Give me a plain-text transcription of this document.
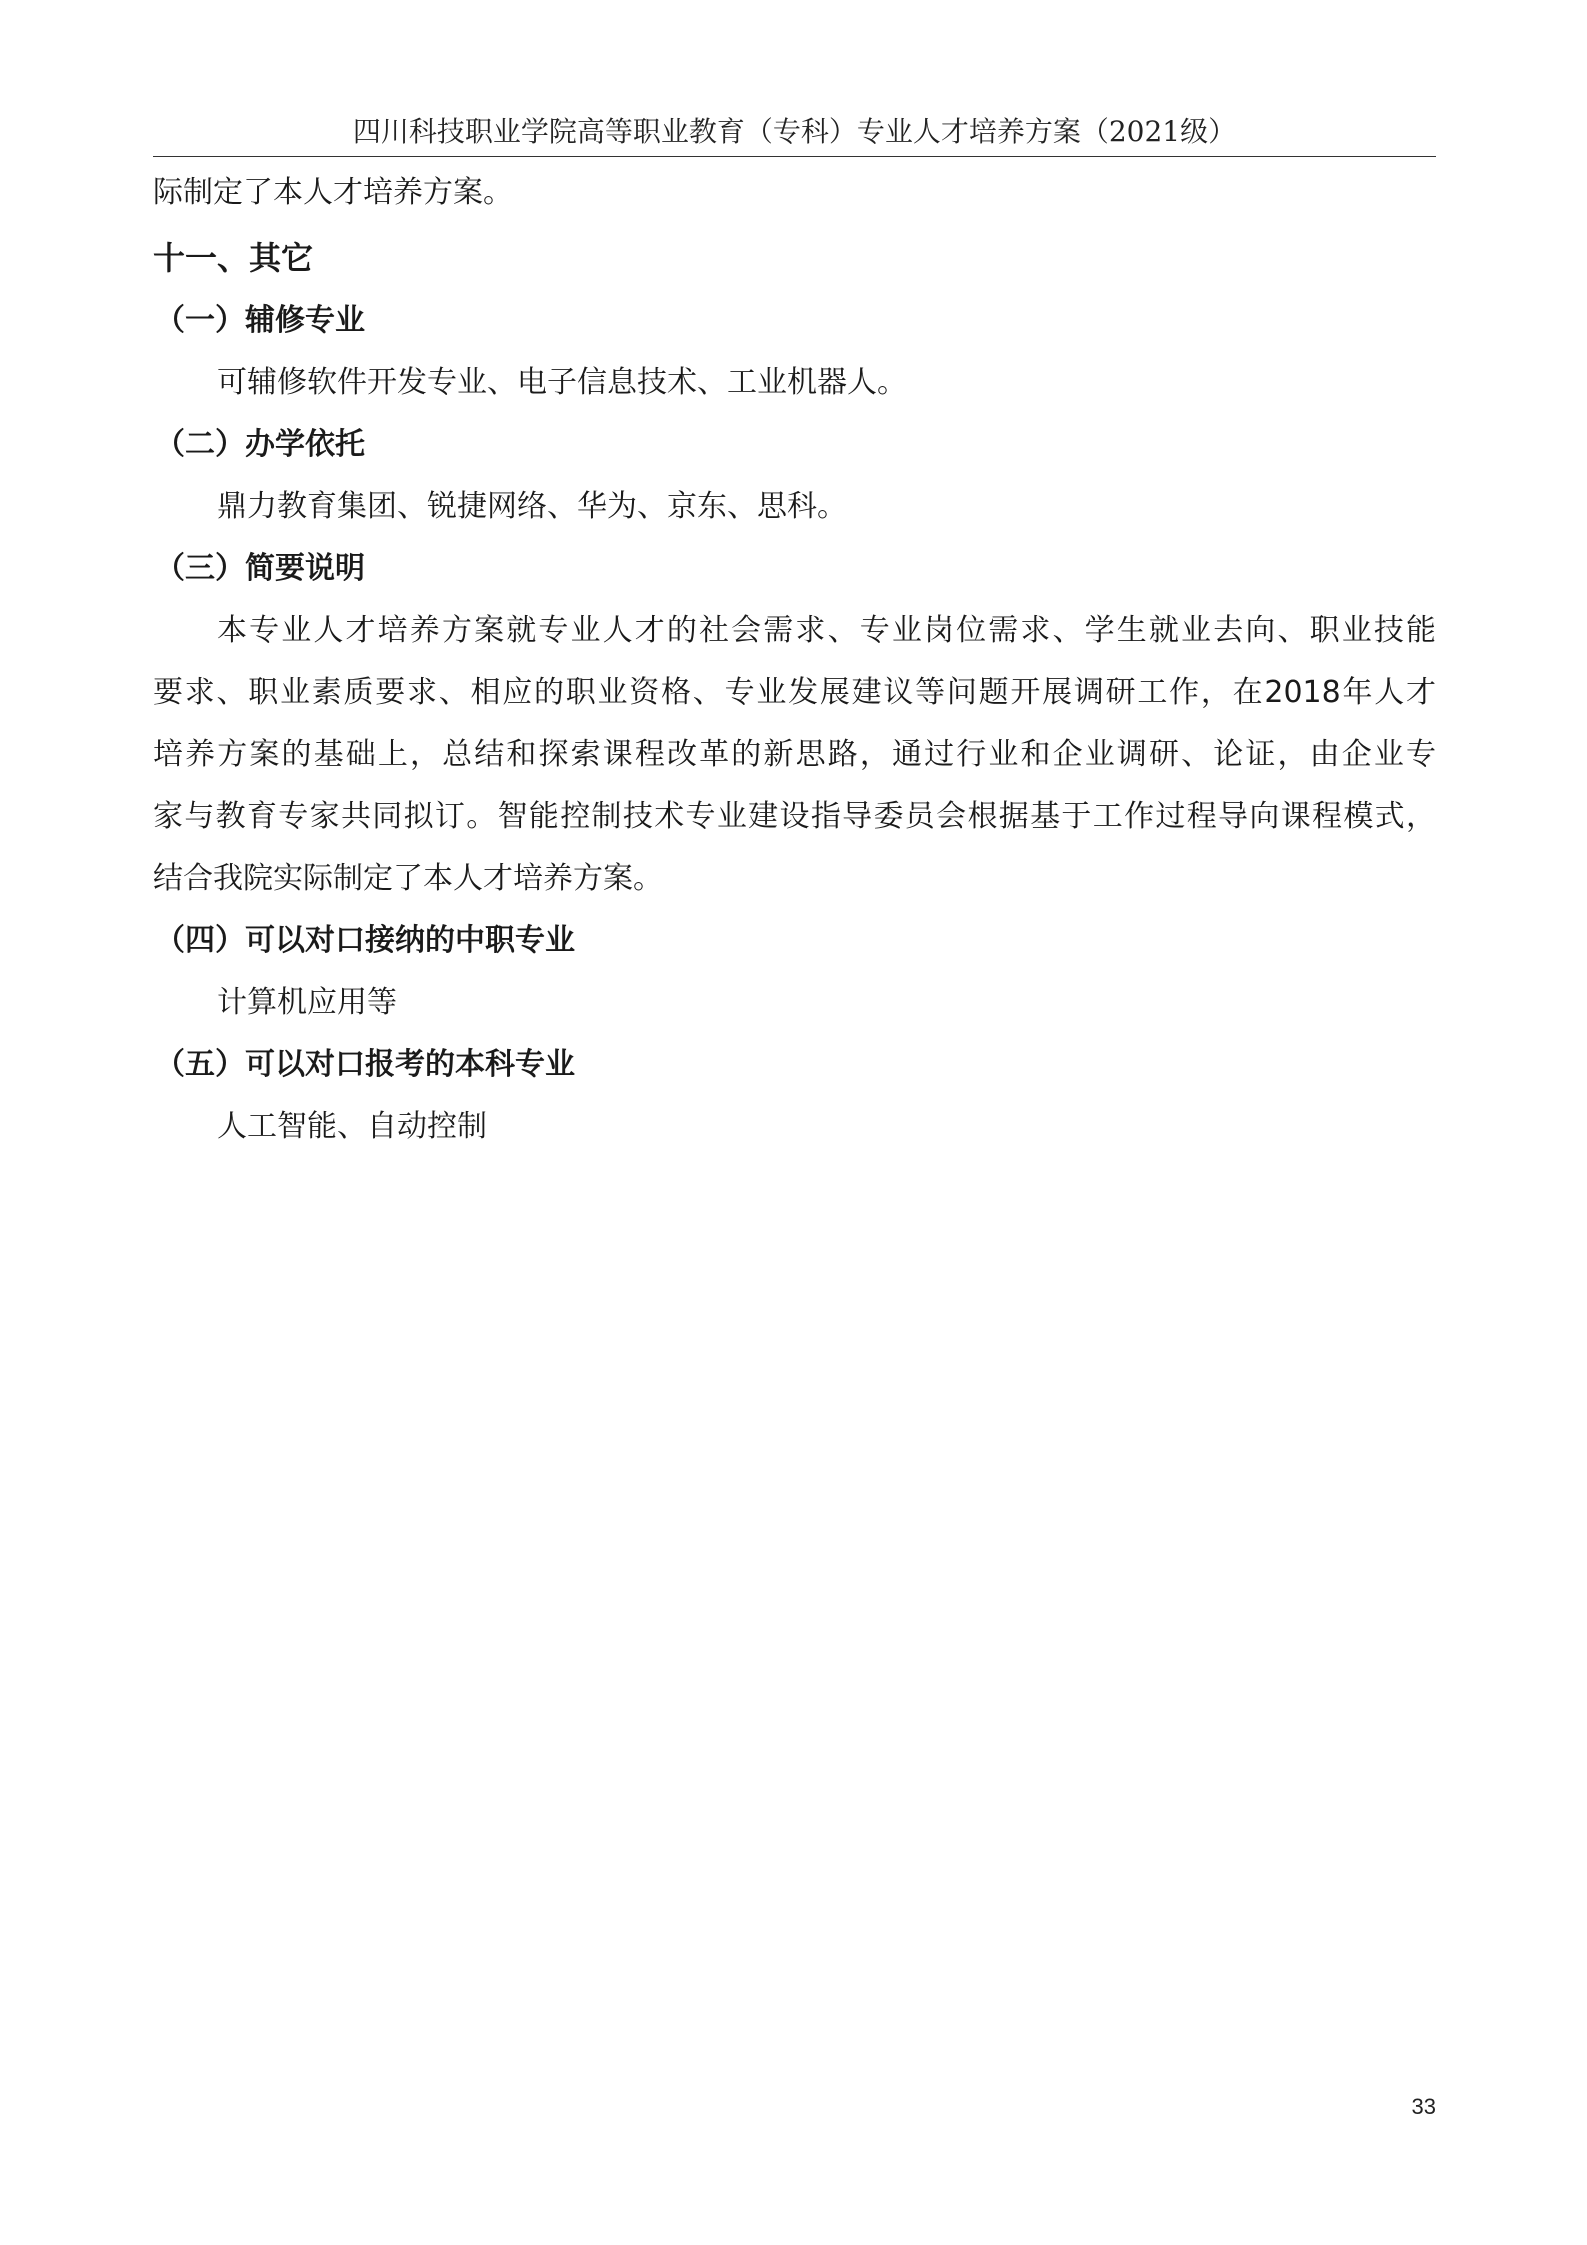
四川科技职业学院高等职业教育（专科）专业人才培养方案（2021级）
际制定了本人才培养方案。
十一、其它
（一）辅修专业
可辅修软件开发专业、电子信息技术、工业机器人。
（二）办学依托
鼎力教育集团、锐捷网络、华为、京东、思科。
（三）简要说明
本专业人才培养方案就专业人才的社会需求、专业岗位需求、学生就业去向、职业技能
要求、职业素质要求、相应的职业资格、专业发展建议等问题开展调研工作，在2018年人才
培养方案的基础上，总结和探索课程改革的新思路，通过行业和企业调研、论证，由企业专
家与教育专家共同拟订。智能控制技术专业建设指导委员会根据基于工作过程导向课程模式，
结合我院实际制定了本人才培养方案。
（四）可以对口接纳的中职专业
计算机应用等
（五）可以对口报考的本科专业
人工智能、自动控制
33
